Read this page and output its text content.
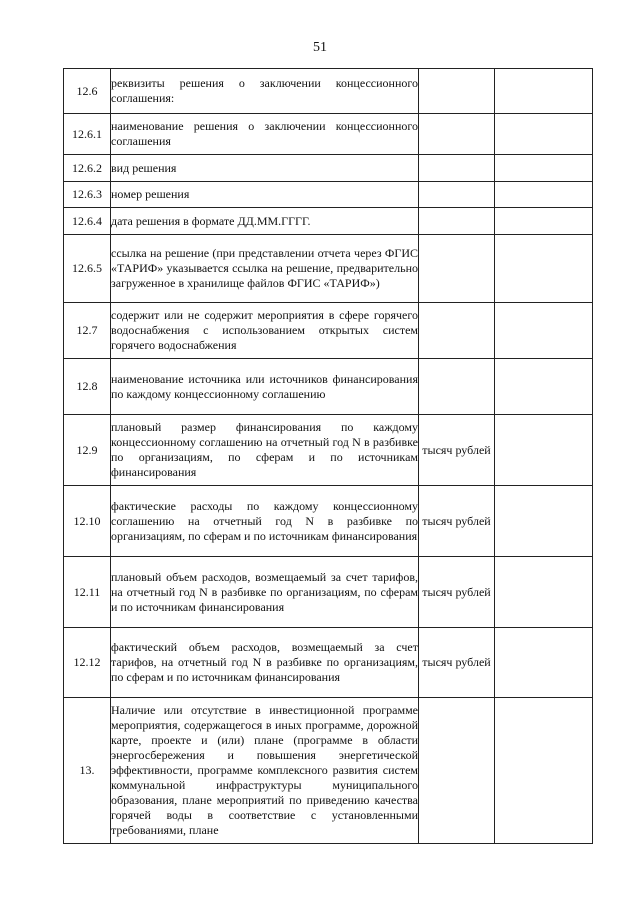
51
12.6	реквизиты решения о заключении концессионного соглашения:		
12.6.1	наименование решения о заключении концессионного соглашения		
12.6.2	вид решения		
12.6.3	номер решения		
12.6.4	дата решения в формате ДД.ММ.ГГГГ.		
12.6.5	ссылка на решение (при представлении отчета через ФГИС «ТАРИФ» указывается ссылка на решение, предварительно загруженное в хранилище файлов ФГИС «ТАРИФ»)		
12.7	содержит или не содержит мероприятия в сфере горячего водоснабжения с использованием открытых систем горячего водоснабжения		
12.8	наименование источника или источников финансирования по каждому концессионному соглашению		
12.9	плановый размер финансирования по каждому концессионному соглашению на отчетный год N в разбивке по организациям, по сферам и по источникам финансирования	тысяч рублей	
12.10	фактические расходы по каждому концессионному соглашению на отчетный год N в разбивке по организациям, по сферам и по источникам финансирования	тысяч рублей	
12.11	плановый объем расходов, возмещаемый за счет тарифов, на отчетный год N в разбивке по организациям, по сферам и по источникам финансирования	тысяч рублей	
12.12	фактический объем расходов, возмещаемый за счет тарифов, на отчетный год N в разбивке по организациям, по сферам и по источникам финансирования	тысяч рублей	
13.	Наличие или отсутствие в инвестиционной программе мероприятия, содержащегося в иных программе, дорожной карте, проекте и (или) плане (программе в области энергосбережения и повышения энергетической эффективности, программе комплексного развития систем коммунальной инфраструктуры муниципального образования, плане мероприятий по приведению качества горячей воды в соответствие с установленными требованиями, плане		
